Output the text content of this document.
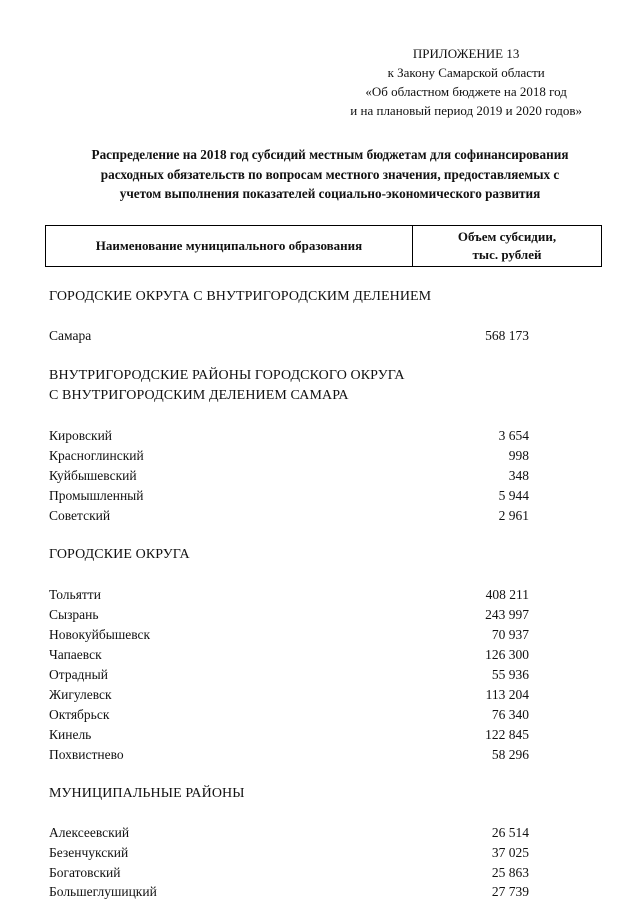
ПРИЛОЖЕНИЕ 13
к Закону Самарской области
«Об областном бюджете на 2018 год
и на плановый период 2019 и 2020 годов»
Распределение на 2018 год субсидий местным бюджетам для софинансирования
расходных обязательств по вопросам местного значения, предоставляемых с
учетом выполнения показателей социально-экономического развития
Наименование муниципального образования
Объем субсидии,
тыс. рублей
ГОРОДСКИЕ ОКРУГА С ВНУТРИГОРОДСКИМ ДЕЛЕНИЕМ
Самара	568 173
ВНУТРИГОРОДСКИЕ РАЙОНЫ ГОРОДСКОГО ОКРУГА
С ВНУТРИГОРОДСКИМ ДЕЛЕНИЕМ САМАРА
Кировский	3 654
Красноглинский	998
Куйбышевский	348
Промышленный	5 944
Советский	2 961
ГОРОДСКИЕ ОКРУГА
Тольятти	408 211
Сызрань	243 997
Новокуйбышевск	70 937
Чапаевск	126 300
Отрадный	55 936
Жигулевск	113 204
Октябрьск	76 340
Кинель	122 845
Похвистнево	58 296
МУНИЦИПАЛЬНЫЕ РАЙОНЫ
Алексеевский	26 514
Безенчукский	37 025
Богатовский	25 863
Большеглушицкий	27 739
